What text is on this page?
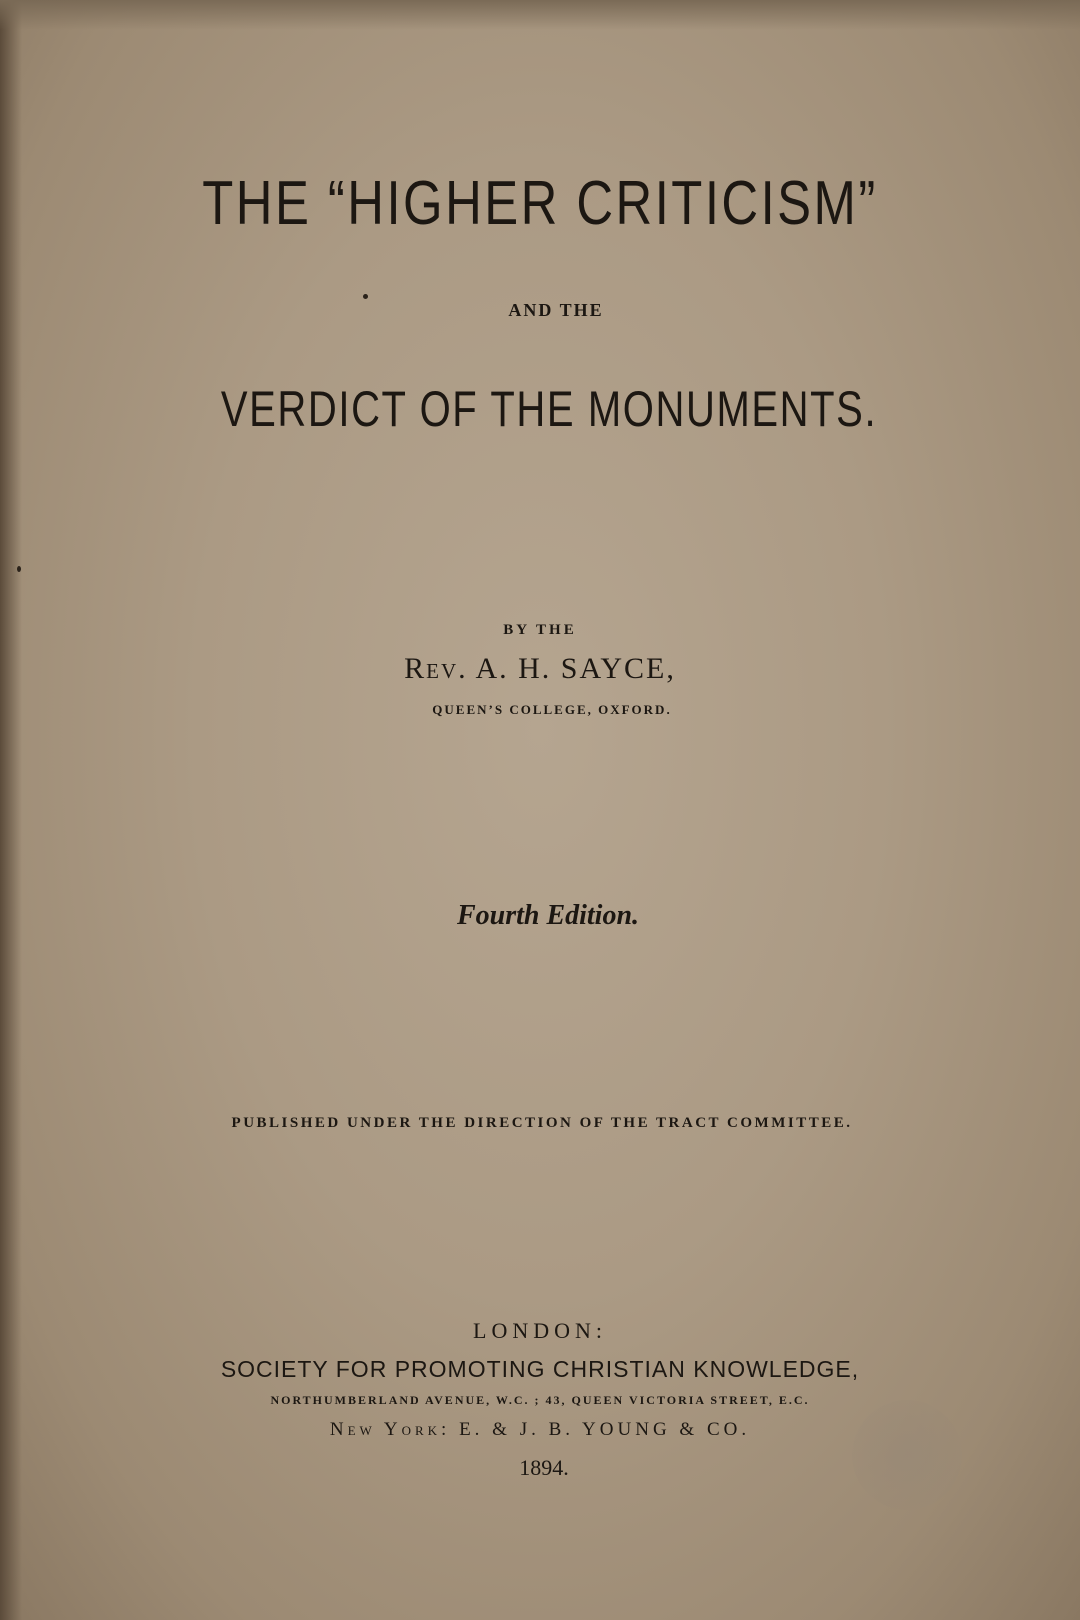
THE “HIGHER CRITICISM”
AND THE
VERDICT OF THE MONUMENTS.
BY THE
Rev. A. H. SAYCE,
QUEEN’S COLLEGE, OXFORD.
Fourth Edition.
PUBLISHED UNDER THE DIRECTION OF THE TRACT COMMITTEE.
LONDON:
SOCIETY FOR PROMOTING CHRISTIAN KNOWLEDGE,
NORTHUMBERLAND AVENUE, W.C. ; 43, QUEEN VICTORIA STREET, E.C.
New York: E. & J. B. YOUNG & CO.
1894.
